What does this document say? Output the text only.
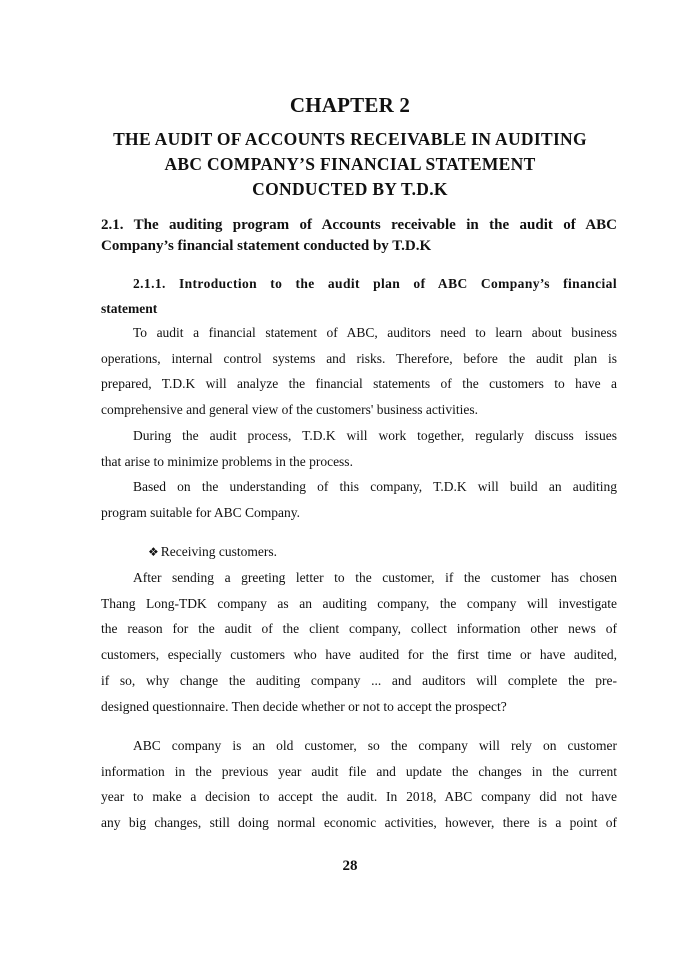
CHAPTER 2
THE AUDIT OF ACCOUNTS RECEIVABLE IN AUDITING
ABC COMPANY’S FINANCIAL STATEMENT
CONDUCTED BY T.D.K
2.1. The auditing program of Accounts receivable in the audit of ABC
Company’s financial statement conducted by T.D.K
2.1.1. Introduction to the audit plan of ABC Company’s financial
statement
To audit a financial statement of ABC, auditors need to learn about business
operations, internal control systems and risks. Therefore, before the audit plan is
prepared, T.D.K will analyze the financial statements of the customers to have a
comprehensive and general view of the customers' business activities.
During the audit process, T.D.K will work together, regularly discuss issues
that arise to minimize problems in the process.
Based on the understanding of this company, T.D.K will build an auditing
program suitable for ABC Company.
❖ Receiving customers.
After sending a greeting letter to the customer, if the customer has chosen
Thang Long-TDK company as an auditing company, the company will investigate
the reason for the audit of the client company, collect information other news of
customers, especially customers who have audited for the first time or have audited,
if so, why change the auditing company ... and auditors will complete the pre-
designed questionnaire. Then decide whether or not to accept the prospect?
ABC company is an old customer, so the company will rely on customer
information in the previous year audit file and update the changes in the current
year to make a decision to accept the audit. In 2018, ABC company did not have
any big changes, still doing normal economic activities, however, there is a point of
28
